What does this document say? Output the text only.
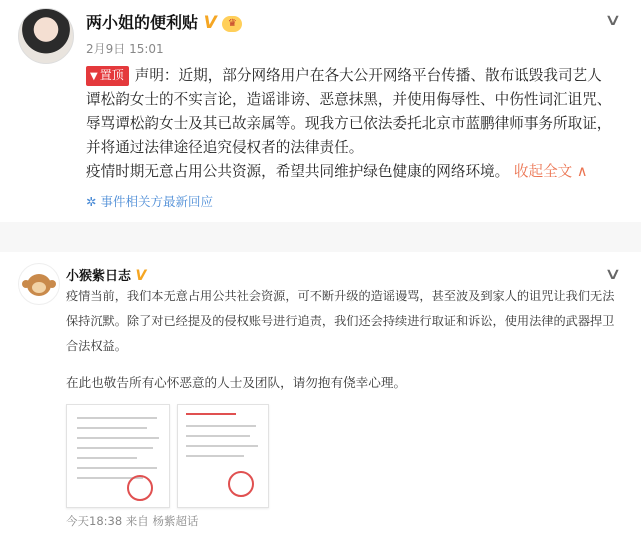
两小姐的便利贴 V ♛
2月9日 15:01
∨
▼ 置顶 声明：近期，部分网络用户在各大公开网络平台传播、散布诋毁我司艺人谭松韵女士的不实言论，造谣诽谤、恶意抹黑，并使用侮辱性、中伤性词汇诅咒、辱骂谭松韵女士及其已故亲属等。现我方已依法委托北京市蓝鹏律师事务所取证，并将通过法律途径追究侵权者的法律责任。
疫情时期无意占用公共资源，希望共同维护绿色健康的网络环境。 收起全文 ∧
✲ 事件相关方最新回应
小猴紫日志 V	∨

疫情当前，我们本无意占用公共社会资源，可不断升级的造谣谩骂，甚至波及到家人的诅咒让我们无法保持沉默。除了对已经提及的侵权账号进行追责，我们还会持续进行取证和诉讼，使用法律的武器捍卫合法权益。

在此也敬告所有心怀恶意的人士及团队，请勿抱有侥幸心理。
今天18:38 来自 杨紫超话
